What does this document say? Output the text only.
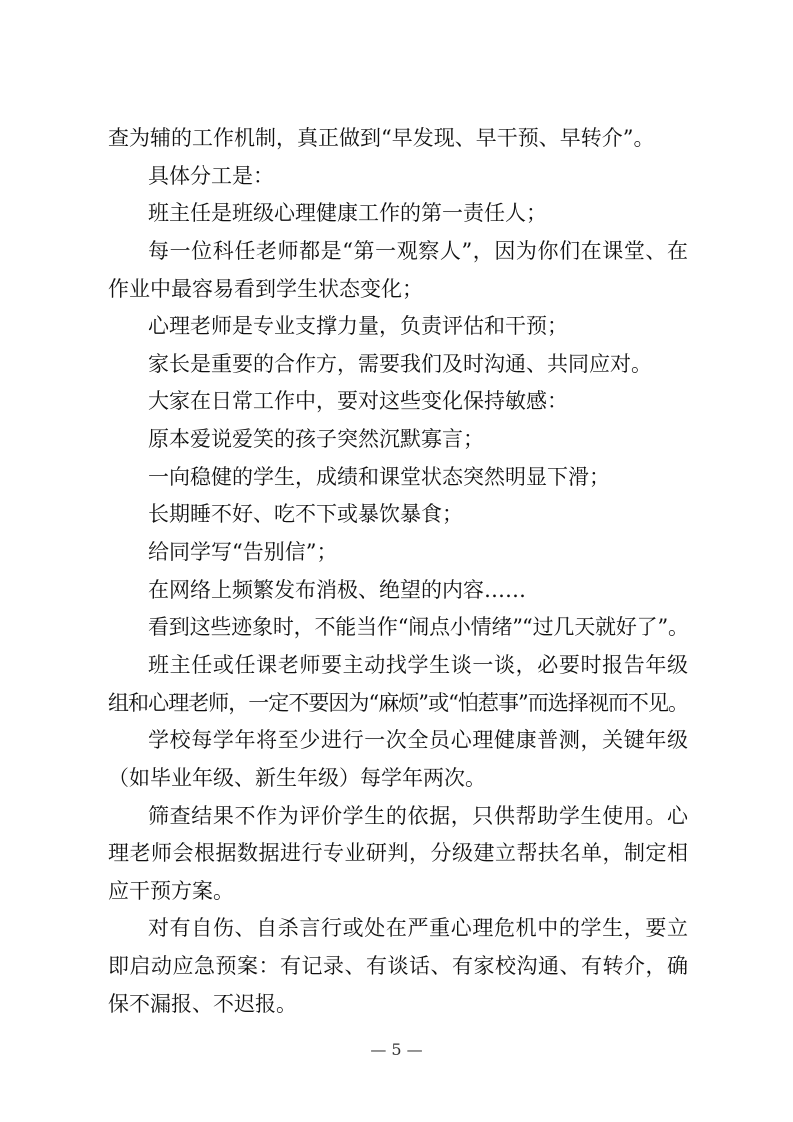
查为辅的工作机制，真正做到“早发现、早干预、早转介”。
具体分工是：
班主任是班级心理健康工作的第一责任人；
每一位科任老师都是“第一观察人”，因为你们在课堂、在
作业中最容易看到学生状态变化；
心理老师是专业支撑力量，负责评估和干预；
家长是重要的合作方，需要我们及时沟通、共同应对。
大家在日常工作中，要对这些变化保持敏感：
原本爱说爱笑的孩子突然沉默寡言；
一向稳健的学生，成绩和课堂状态突然明显下滑；
长期睡不好、吃不下或暴饮暴食；
给同学写“告别信”；
在网络上频繁发布消极、绝望的内容……
看到这些迹象时，不能当作“闹点小情绪”“过几天就好了”。
班主任或任课老师要主动找学生谈一谈，必要时报告年级
组和心理老师，一定不要因为“麻烦”或“怕惹事”而选择视而不见。
学校每学年将至少进行一次全员心理健康普测，关键年级
（如毕业年级、新生年级）每学年两次。
筛查结果不作为评价学生的依据，只供帮助学生使用。心
理老师会根据数据进行专业研判，分级建立帮扶名单，制定相
应干预方案。
对有自伤、自杀言行或处在严重心理危机中的学生，要立
即启动应急预案：有记录、有谈话、有家校沟通、有转介，确
保不漏报、不迟报。
— 5 —
